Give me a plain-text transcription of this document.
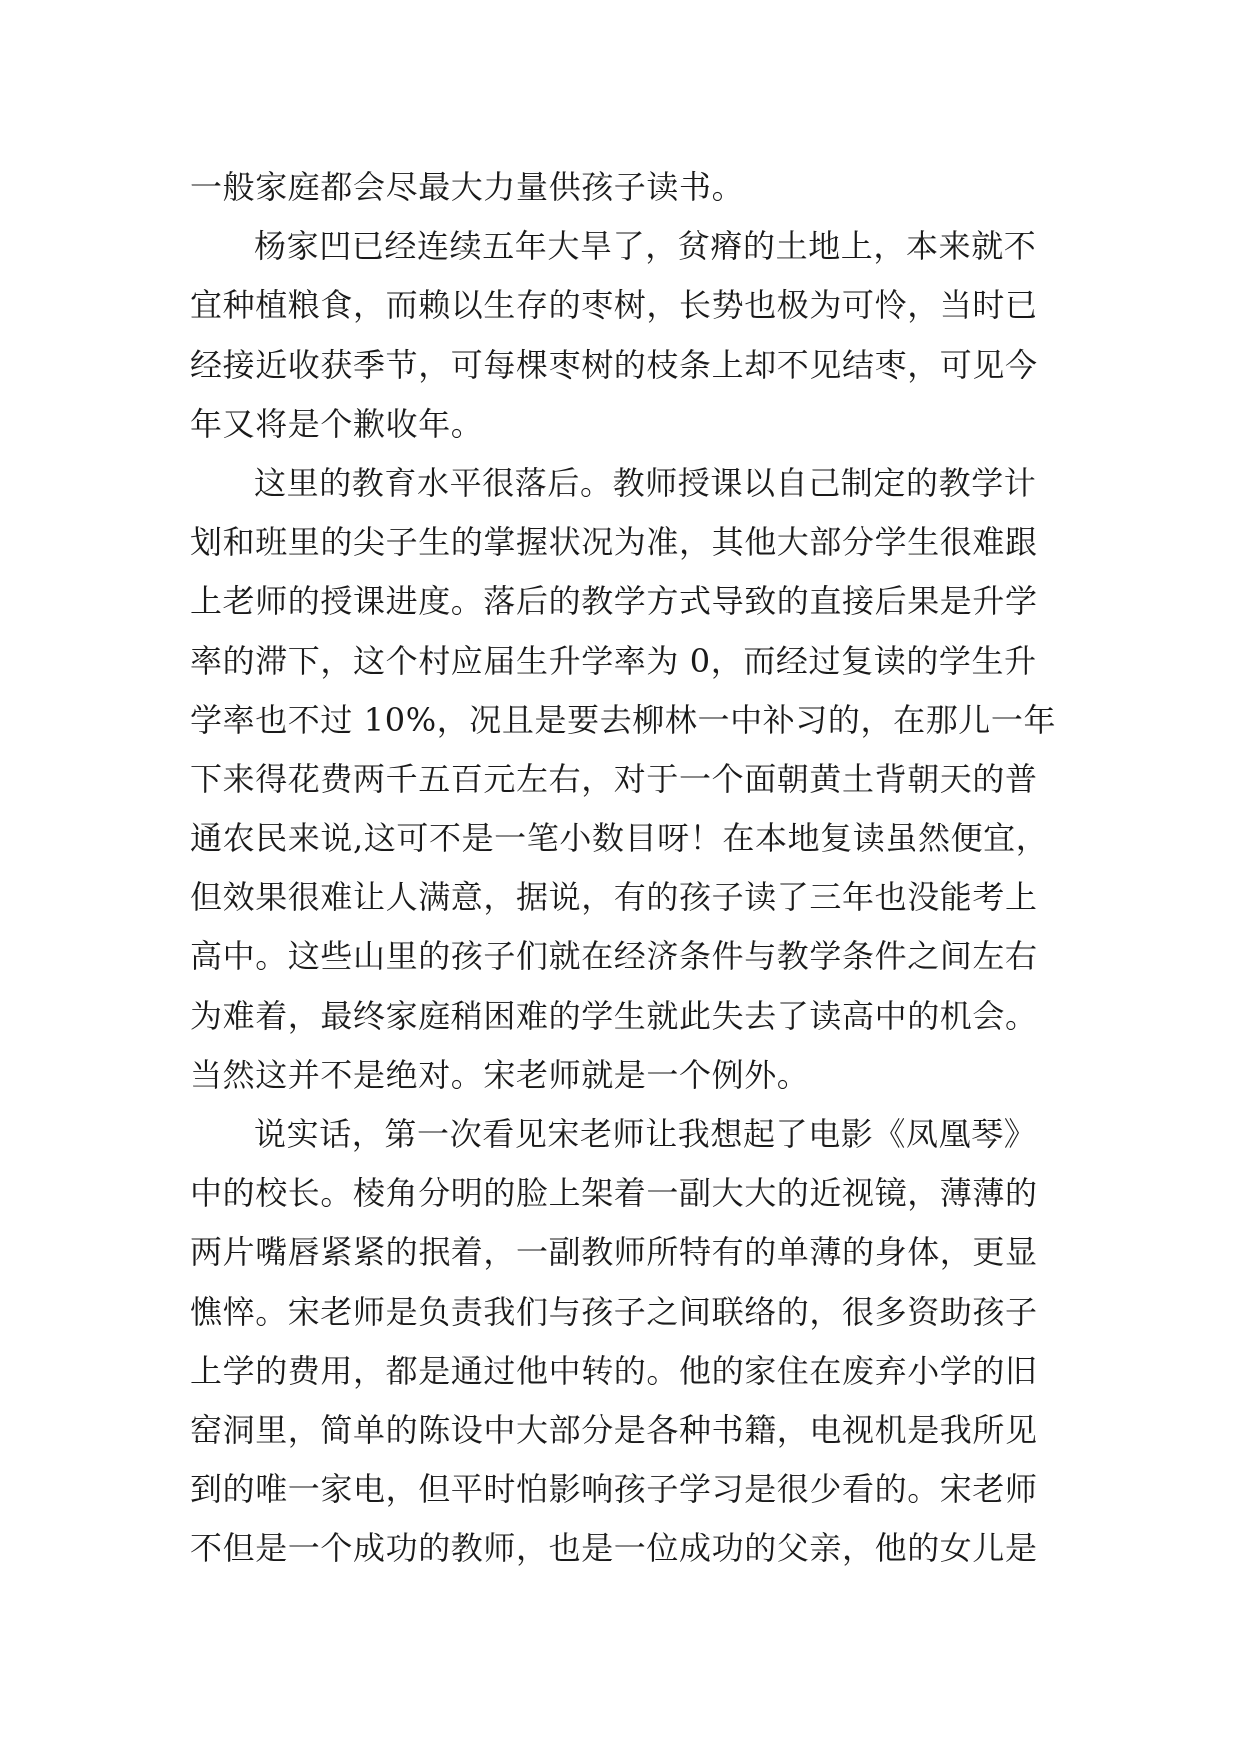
一般家庭都会尽最大力量供孩子读书。
杨家凹已经连续五年大旱了，贫瘠的土地上，本来就不
宜种植粮食，而赖以生存的枣树，长势也极为可怜，当时已
经接近收获季节，可每棵枣树的枝条上却不见结枣，可见今
年又将是个歉收年。
这里的教育水平很落后。教师授课以自己制定的教学计
划和班里的尖子生的掌握状况为准，其他大部分学生很难跟
上老师的授课进度。落后的教学方式导致的直接后果是升学
率的滞下，这个村应届生升学率为 0，而经过复读的学生升
学率也不过 10%，况且是要去柳林一中补习的，在那儿一年
下来得花费两千五百元左右，对于一个面朝黄土背朝天的普
通农民来说,这可不是一笔小数目呀！在本地复读虽然便宜，
但效果很难让人满意，据说，有的孩子读了三年也没能考上
高中。这些山里的孩子们就在经济条件与教学条件之间左右
为难着，最终家庭稍困难的学生就此失去了读高中的机会。
当然这并不是绝对。宋老师就是一个例外。
说实话，第一次看见宋老师让我想起了电影《凤凰琴》
中的校长。棱角分明的脸上架着一副大大的近视镜，薄薄的
两片嘴唇紧紧的抿着，一副教师所特有的单薄的身体，更显
憔悴。宋老师是负责我们与孩子之间联络的，很多资助孩子
上学的费用，都是通过他中转的。他的家住在废弃小学的旧
窑洞里，简单的陈设中大部分是各种书籍，电视机是我所见
到的唯一家电，但平时怕影响孩子学习是很少看的。宋老师
不但是一个成功的教师，也是一位成功的父亲，他的女儿是
